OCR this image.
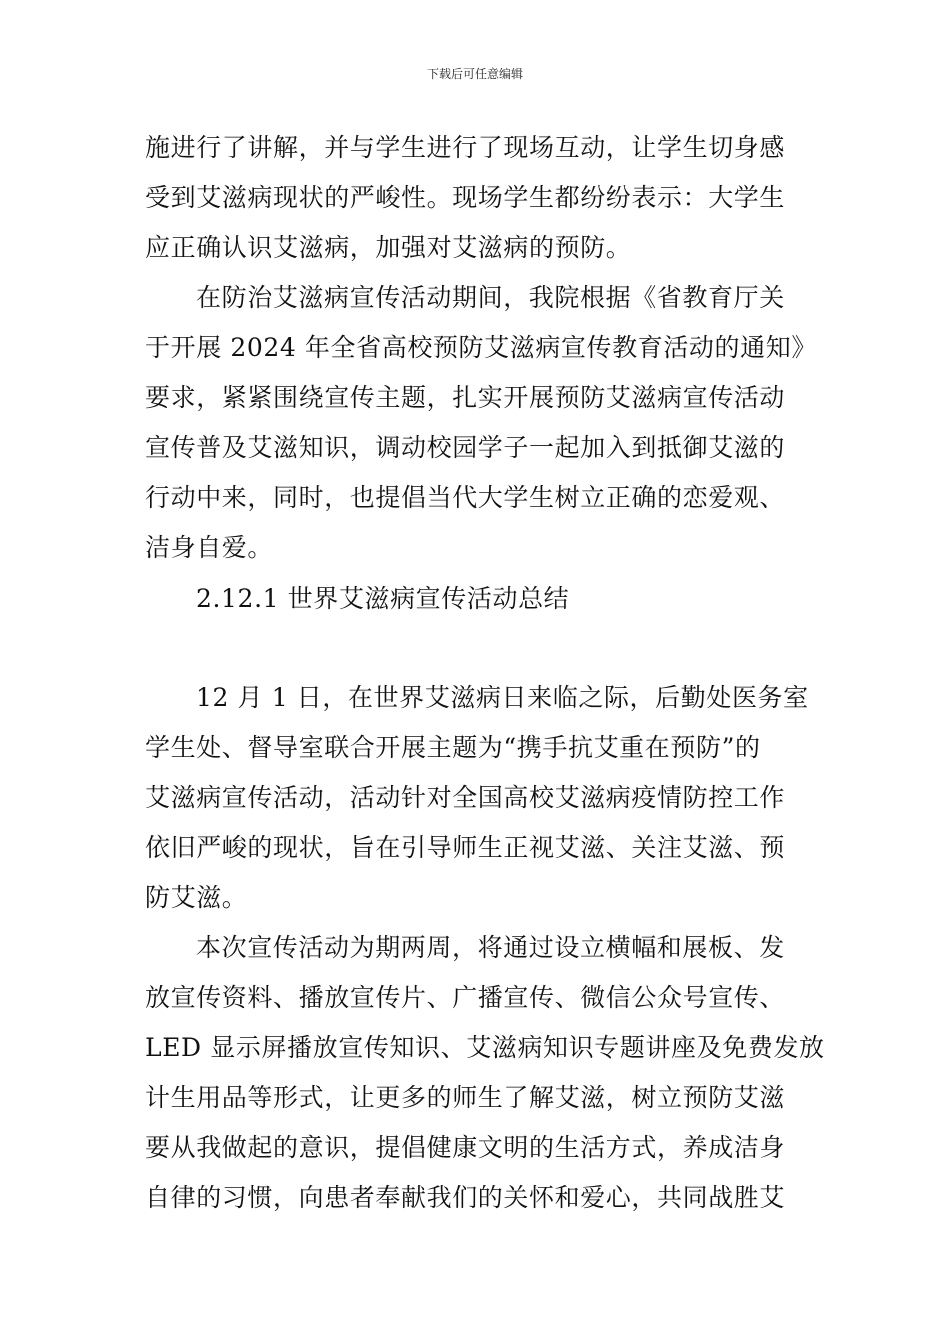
下载后可任意编辑
施进行了讲解，并与学生进行了现场互动，让学生切身感
受到艾滋病现状的严峻性。现场学生都纷纷表示：大学生
应正确认识艾滋病，加强对艾滋病的预防。
在防治艾滋病宣传活动期间，我院根据《省教育厅关
于开展 2024 年全省高校预防艾滋病宣传教育活动的通知》
要求，紧紧围绕宣传主题，扎实开展预防艾滋病宣传活动
宣传普及艾滋知识，调动校园学子一起加入到抵御艾滋的
行动中来，同时，也提倡当代大学生树立正确的恋爱观、
洁身自爱。
2.12.1 世界艾滋病宣传活动总结
12 月 1 日，在世界艾滋病日来临之际，后勤处医务室
学生处、督导室联合开展主题为“携手抗艾重在预防”的
艾滋病宣传活动，活动针对全国高校艾滋病疫情防控工作
依旧严峻的现状，旨在引导师生正视艾滋、关注艾滋、预
防艾滋。
本次宣传活动为期两周，将通过设立横幅和展板、发
放宣传资料、播放宣传片、广播宣传、微信公众号宣传、
LED 显示屏播放宣传知识、艾滋病知识专题讲座及免费发放
计生用品等形式，让更多的师生了解艾滋，树立预防艾滋
要从我做起的意识，提倡健康文明的生活方式，养成洁身
自律的习惯，向患者奉献我们的关怀和爱心，共同战胜艾
